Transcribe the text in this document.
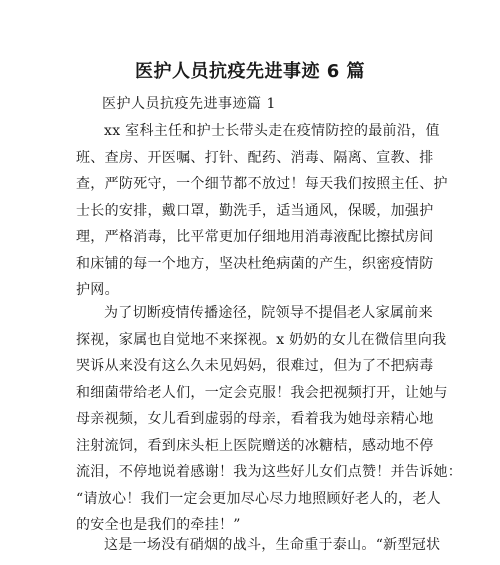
医护人员抗疫先进事迹 6 篇

医护人员抗疫先进事迹篇 1

xx 室科主任和护士长带头走在疫情防控的最前沿，值
班、查房、开医嘱、打针、配药、消毒、隔离、宣教、排
查，严防死守，一个细节都不放过！每天我们按照主任、护
士长的安排，戴口罩，勤洗手，适当通风，保暖，加强护
理，严格消毒，比平常更加仔细地用消毒液配比擦拭房间
和床铺的每一个地方，坚决杜绝病菌的产生，织密疫情防
护网。
为了切断疫情传播途径，院领导不提倡老人家属前来
探视，家属也自觉地不来探视。x 奶奶的女儿在微信里向我
哭诉从来没有这么久未见妈妈，很难过，但为了不把病毒
和细菌带给老人们，一定会克服！我会把视频打开，让她与
母亲视频，女儿看到虚弱的母亲，看着我为她母亲精心地
注射流饲，看到床头柜上医院赠送的冰糖桔，感动地不停
流泪，不停地说着感谢！我为这些好儿女们点赞！并告诉她：
“请放心！我们一定会更加尽心尽力地照顾好老人的，老人
的安全也是我们的牵挂！”
这是一场没有硝烟的战斗，生命重于泰山。“新型冠状
